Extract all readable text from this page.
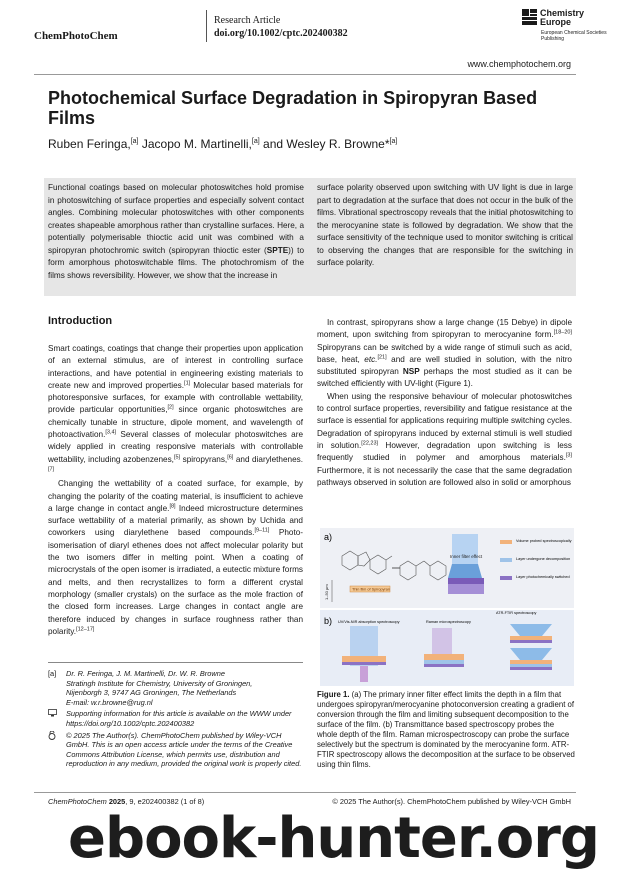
ChemPhotoChem
Research Article
doi.org/10.1002/cptc.202400382
Chemistry Europe
European Chemical Societies Publishing
www.chemphotochem.org
Photochemical Surface Degradation in Spiropyran Based Films
Ruben Feringa,[a] Jacopo M. Martinelli,[a] and Wesley R. Browne*[a]
Functional coatings based on molecular photoswitches hold promise in photoswitching of surface properties and especially solvent contact angles. Combining molecular photoswitches with other components creates shapeable amorphous rather than crystalline surfaces. Here, a potentially polymerisable thioctic acid unit was combined with a spiropyran photochromic switch (spiropyran thioctic ester (SPTE)) to form amorphous photoswitchable films. The photochromism of the films shows reversibility. However, we show that the increase in
surface polarity observed upon switching with UV light is due in large part to degradation at the surface that does not occur in the bulk of the films. Vibrational spectroscopy reveals that the initial photoswitching to the merocyanine state is followed by degradation. We show that the surface sensitivity of the technique used to monitor switching is critical to observing the changes that are responsible for the switching in surface polarity.
Introduction

Smart coatings, coatings that change their properties upon application of an external stimulus, are of interest in controlling surface interactions, and have potential in engineering existing materials to create new and improved properties.[1] Molecular based materials for photoresponsive surfaces, for example with controllable wettability, provide particular opportunities,[2] since organic photoswitches are chemically tunable in structure, dipole moment, and wavelength of photoactivation.[3,4] Several classes of molecular photoswitches are widely applied in creating responsive materials with controllable wettability, including azobenzenes,[5] spiropyrans,[6] and diarylethenes.[7]

Changing the wettability of a coated surface, for example, by changing the polarity of the coating material, is insufficient to achieve a large change in contact angle.[8] Indeed microstructure determines surface wettability of a material primarily, as shown by Uchida and coworkers using diarylethene based compounds.[9–11] Photo-isomerisation of diaryl ethenes does not affect molecular polarity but the two isomers differ in melting point. When a coating of microcrystals of the open isomer is irradiated, a eutectic mixture forms and melts, and then recrystallizes to form a different crystal morphology (smaller crystals) on the surface as the mole fraction of the closed form increases. Large changes in contact angle are therefore induced by changes in surface roughness rather than polarity.[12–17]

In contrast, spiropyrans show a large change (15 Debye) in dipole moment, upon switching from spiropyran to merocyanine form.[18–20] Spiropyrans can be switched by a wide range of stimuli such as acid, base, heat, etc.[21] and are well studied in solution, with the nitro substituted spiropyran NSP perhaps the most studied as it can be switched efficiently with UV-light (Figure 1).

When using the responsive behaviour of molecular photoswitches to control surface properties, reversibility and fatigue resistance at the surface is essential for applications requiring multiple switching cycles. Degradation of spiropyrans induced by external stimuli is well studied in solution.[22,23] However, degradation upon switching is less frequently studied in polymer and amorphous materials.[3] Furthermore, it is not necessarily the case that the same degradation pathways observed in solution are followed also in solid or amorphous

a)
Inner filter effect
Thin film of Spiropyran
1–50 μm
Volume probed spectroscopically
Layer undergone decomposition
Layer photochemically switched
b) UV/Vis-NIR absorption spectroscopy	Raman microspectroscopy
ATR-FTIR spectroscopy
Figure 1. (a) The primary inner filter effect limits the depth in a film that undergoes spiropyran/merocyanine photoconversion creating a gradient of conversion through the film and limiting subsequent decomposition to the surface of the film. (b) Transmittance based spectroscopy probes the whole depth of the film. Raman microspectroscopy can probe the surface selectively but the spectrum is dominated by the merocyanine form. ATR-FTIR spectroscopy allows the decomposition at the surface to be observed using thin films.
[a] Dr. R. Feringa, J. M. Martinelli, Dr. W. R. Browne
Stratingh Institute for Chemistry, University of Groningen,
Nijenborgh 3, 9747 AG Groningen, The Netherlands
E-mail: w.r.browne@rug.nl
Supporting information for this article is available on the WWW under https://doi.org/10.1002/cptc.202400382
© 2025 The Author(s). ChemPhotoChem published by Wiley-VCH GmbH. This is an open access article under the terms of the Creative Commons Attribution License, which permits use, distribution and reproduction in any medium, provided the original work is properly cited.
ChemPhotoChem 2025, 9, e202400382 (1 of 8)	© 2025 The Author(s). ChemPhotoChem published by Wiley-VCH GmbH
ebook-hunter.org
